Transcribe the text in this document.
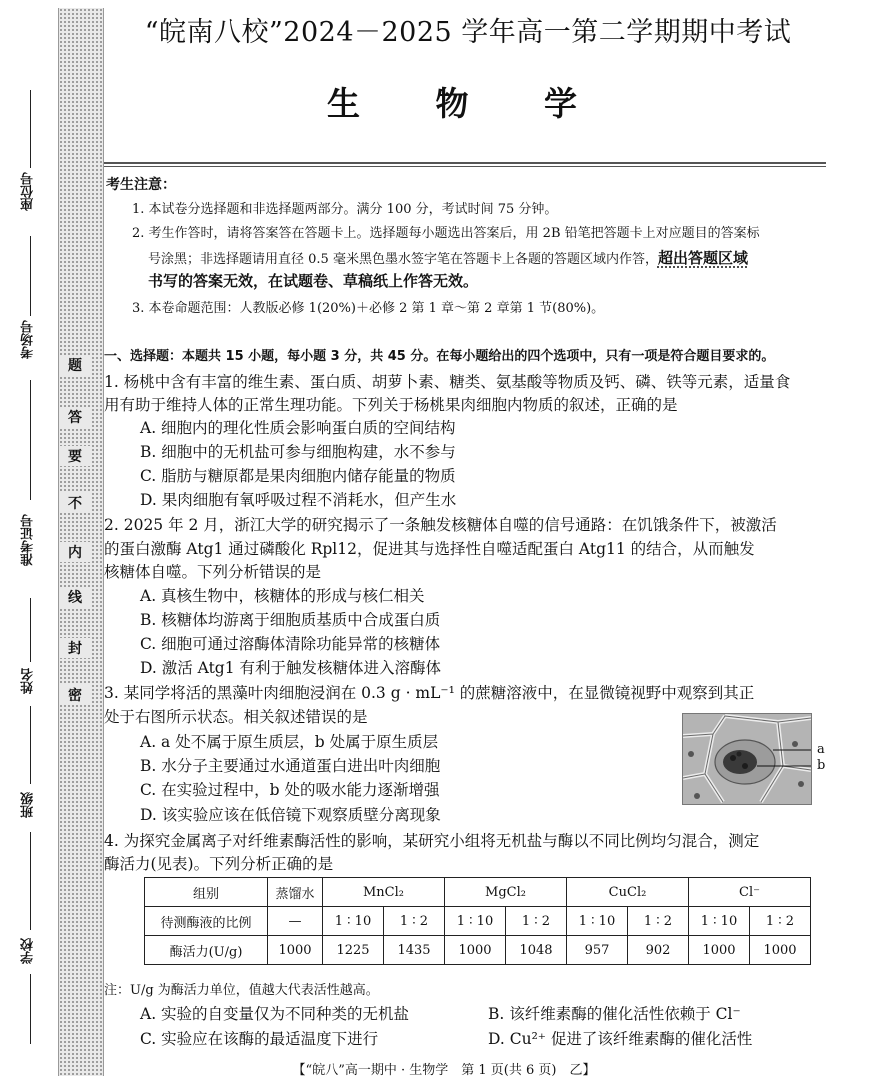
座位号
考场号
准考证号
姓名
班级
学校
题
答
要
不
内
线
封
密
“皖南八校”2024－2025 学年高一第二学期期中考试
生 物 学
考生注意：
1. 本试卷分选择题和非选择题两部分。满分 100 分，考试时间 75 分钟。
2. 考生作答时，请将答案答在答题卡上。选择题每小题选出答案后，用 2B 铅笔把答题卡上对应题目的答案标
号涂黑；非选择题请用直径 0.5 毫米黑色墨水签字笔在答题卡上各题的答题区域内作答，超出答题区域
书写的答案无效，在试题卷、草稿纸上作答无效。
3. 本卷命题范围：人教版必修 1(20%)＋必修 2 第 1 章～第 2 章第 1 节(80%)。
一、选择题：本题共 15 小题，每小题 3 分，共 45 分。在每小题给出的四个选项中，只有一项是符合题目要求的。
1. 杨桃中含有丰富的维生素、蛋白质、胡萝卜素、糖类、氨基酸等物质及钙、磷、铁等元素，适量食
用有助于维持人体的正常生理功能。下列关于杨桃果肉细胞内物质的叙述，正确的是
A. 细胞内的理化性质会影响蛋白质的空间结构
B. 细胞中的无机盐可参与细胞构建，水不参与
C. 脂肪与糖原都是果肉细胞内储存能量的物质
D. 果肉细胞有氧呼吸过程不消耗水，但产生水
2. 2025 年 2 月，浙江大学的研究揭示了一条触发核糖体自噬的信号通路：在饥饿条件下，被激活
的蛋白激酶 Atg1 通过磷酸化 Rpl12，促进其与选择性自噬适配蛋白 Atg11 的结合，从而触发
核糖体自噬。下列分析错误的是
A. 真核生物中，核糖体的形成与核仁相关
B. 核糖体均游离于细胞质基质中合成蛋白质
C. 细胞可通过溶酶体清除功能异常的核糖体
D. 激活 Atg1 有利于触发核糖体进入溶酶体
3. 某同学将活的黑藻叶肉细胞浸润在 0.3 g · mL⁻¹ 的蔗糖溶液中，在显微镜视野中观察到其正
处于右图所示状态。相关叙述错误的是
A. a 处不属于原生质层，b 处属于原生质层
B. 水分子主要通过水通道蛋白进出叶肉细胞
C. 在实验过程中，b 处的吸水能力逐渐增强
D. 该实验应该在低倍镜下观察质壁分离现象
a
b
4. 为探究金属离子对纤维素酶活性的影响，某研究小组将无机盐与酶以不同比例均匀混合，测定
酶活力(见表)。下列分析正确的是
组别	蒸馏水	MnCl₂		MgCl₂		CuCl₂		Cl⁻	
待测酶液的比例	—	1 ∶ 10	1 ∶ 2	1 ∶ 10	1 ∶ 2	1 ∶ 10	1 ∶ 2	1 ∶ 10	1 ∶ 2
酶活力(U/g)	1000	1225	1435	1000	1048	957	902	1000	1000
注：U/g 为酶活力单位，值越大代表活性越高。
A. 实验的自变量仅为不同种类的无机盐	B. 该纤维素酶的催化活性依赖于 Cl⁻
C. 实验应在该酶的最适温度下进行	D. Cu²⁺ 促进了该纤维素酶的催化活性
【“皖八”高一期中 · 生物学　第 1 页(共 6 页)　乙】
